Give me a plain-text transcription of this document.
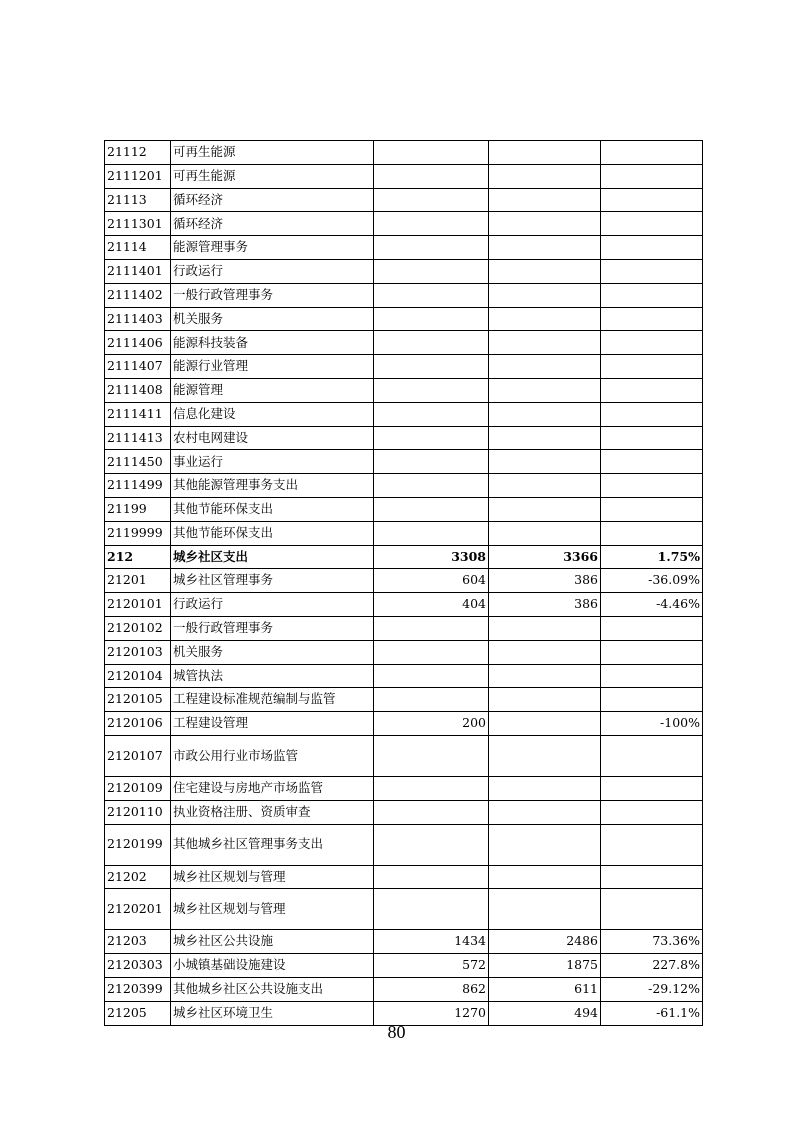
21112	可再生能源			
2111201	可再生能源			
21113	循环经济			
2111301	循环经济			
21114	能源管理事务			
2111401	行政运行			
2111402	一般行政管理事务			
2111403	机关服务			
2111406	能源科技装备			
2111407	能源行业管理			
2111408	能源管理			
2111411	信息化建设			
2111413	农村电网建设			
2111450	事业运行			
2111499	其他能源管理事务支出			
21199	其他节能环保支出			
2119999	其他节能环保支出			
212	城乡社区支出	3308	3366	1.75%
21201	城乡社区管理事务	604	386	-36.09%
2120101	行政运行	404	386	-4.46%
2120102	一般行政管理事务			
2120103	机关服务			
2120104	城管执法			
2120105	工程建设标准规范编制与监管			
2120106	工程建设管理	200		-100%
2120107	市政公用行业市场监管			
2120109	住宅建设与房地产市场监管			
2120110	执业资格注册、资质审查			
2120199	其他城乡社区管理事务支出			
21202	城乡社区规划与管理			
2120201	城乡社区规划与管理			
21203	城乡社区公共设施	1434	2486	73.36%
2120303	小城镇基础设施建设	572	1875	227.8%
2120399	其他城乡社区公共设施支出	862	611	-29.12%
21205	城乡社区环境卫生	1270	494	-61.1%
80
